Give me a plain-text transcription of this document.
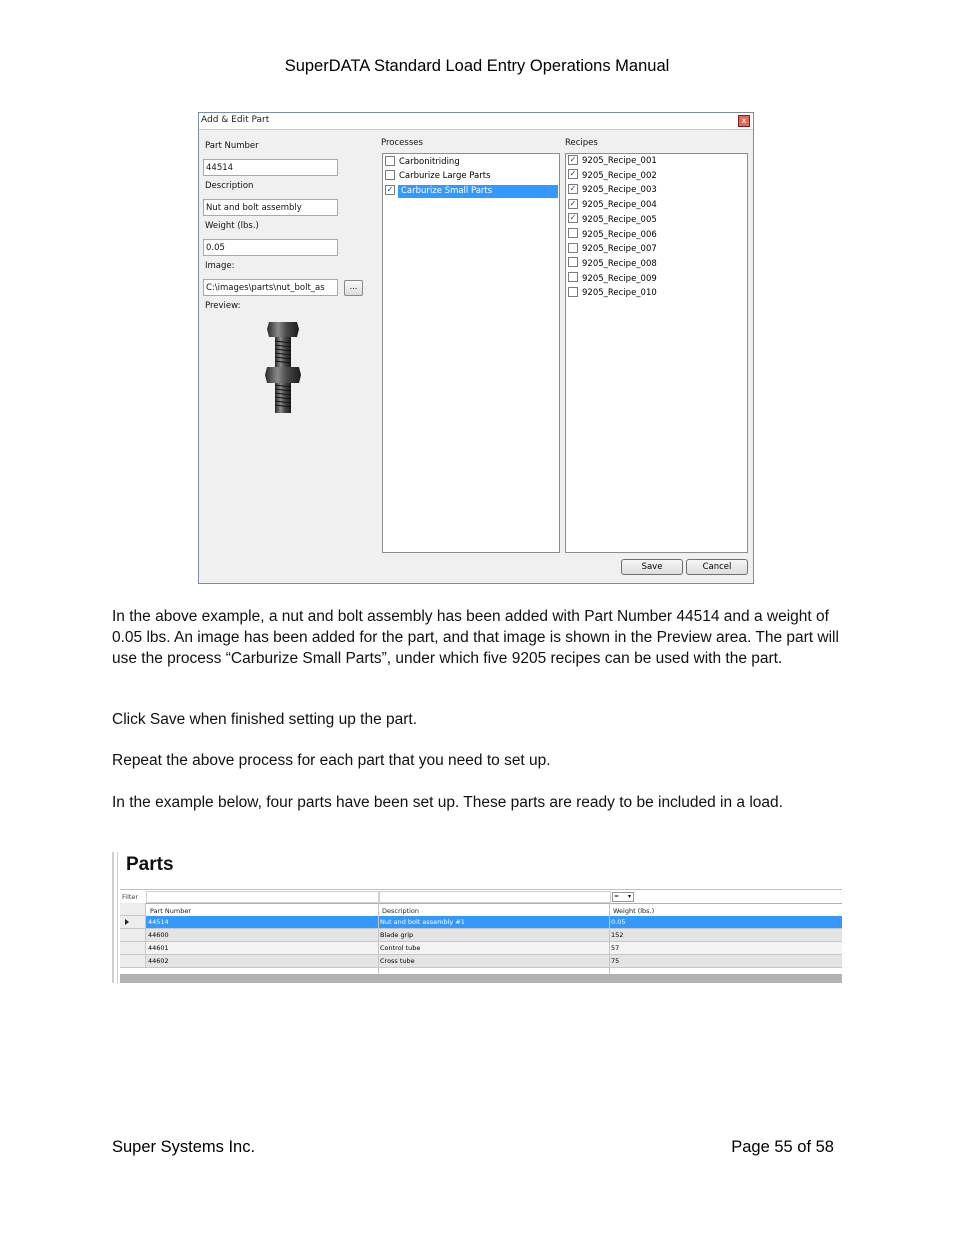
SuperDATA Standard Load Entry Operations Manual
Add & Edit Part	x
Part Number
44514
Description
Nut and bolt assembly
Weight (lbs.)
0.05
Image:
C:\images\parts\nut_bolt_as	...
Preview:
Processes
Carbonitriding
Carburize Large Parts
✓ Carburize Small Parts
Recipes
✓ 9205_Recipe_001
✓ 9205_Recipe_002
✓ 9205_Recipe_003
✓ 9205_Recipe_004
✓ 9205_Recipe_005
9205_Recipe_006
9205_Recipe_007
9205_Recipe_008
9205_Recipe_009
9205_Recipe_010
Save	Cancel
In the above example, a nut and bolt assembly has been added with Part Number 44514 and a weight of 0.05 lbs. An image has been added for the part, and that image is shown in the Preview area. The part will use the process “Carburize Small Parts”, under which five 9205 recipes can be used with the part.
Click Save when finished setting up the part.
Repeat the above process for each part that you need to set up.
In the example below, four parts have been set up. These parts are ready to be included in a load.
Parts
Filter	= ▾
Part Number	Description	Weight (lbs.)
44514	Nut and bolt assembly #1	0.05
44600	Blade grip	152
44601	Control tube	57
44602	Cross tube	75
Super Systems Inc.	Page 55 of 58
